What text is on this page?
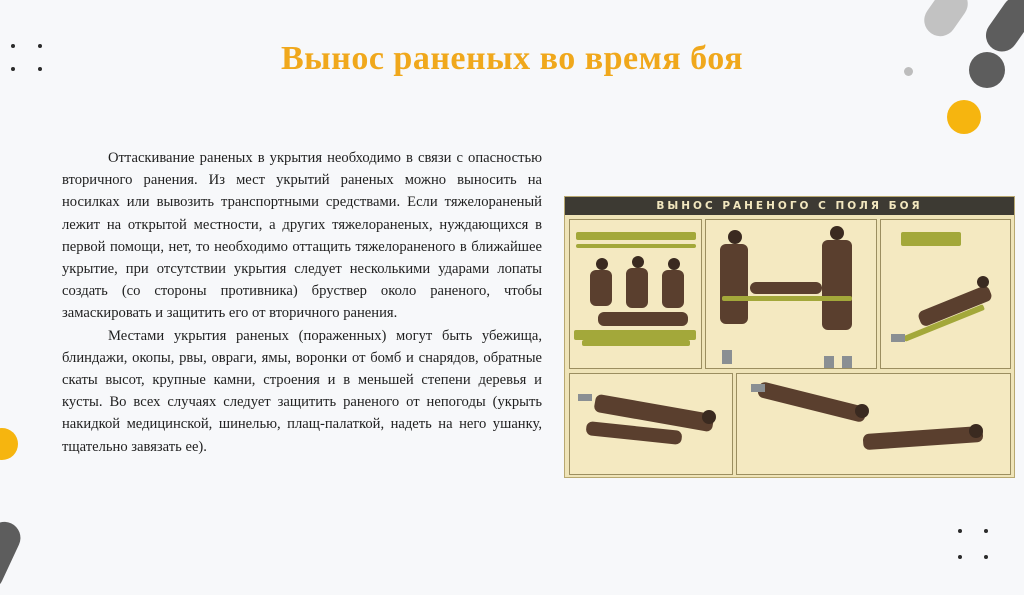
Вынос раненых во время боя

Оттаскивание раненых в укрытия необходимо в связи с опасностью вторичного ранения. Из мест укрытий раненых можно выносить на носилках или вывозить транспортными средствами. Если тяжелораненый лежит на открытой местности, а других тяжелораненых, нуждающихся в первой помощи, нет, то необходимо оттащить тяжелораненого в ближайшее укрытие, при отсутствии укрытия следует несколькими ударами лопаты создать (со стороны противника) бруствер около раненого, чтобы замаскировать и защитить его от вторичного ранения.

Местами укрытия раненых (пораженных) могут быть убежища, блиндажи, окопы, рвы, овраги, ямы, воронки от бомб и снарядов, обратные скаты высот, крупные камни, строения и в меньшей степени деревья и кусты. Во всех случаях следует защитить раненого от непогоды (укрыть накидкой медицинской, шинелью, плащ-палаткой, надеть на него ушанку, тщательно завязать ее).

ВЫНОС РАНЕНОГО С ПОЛЯ БОЯ
